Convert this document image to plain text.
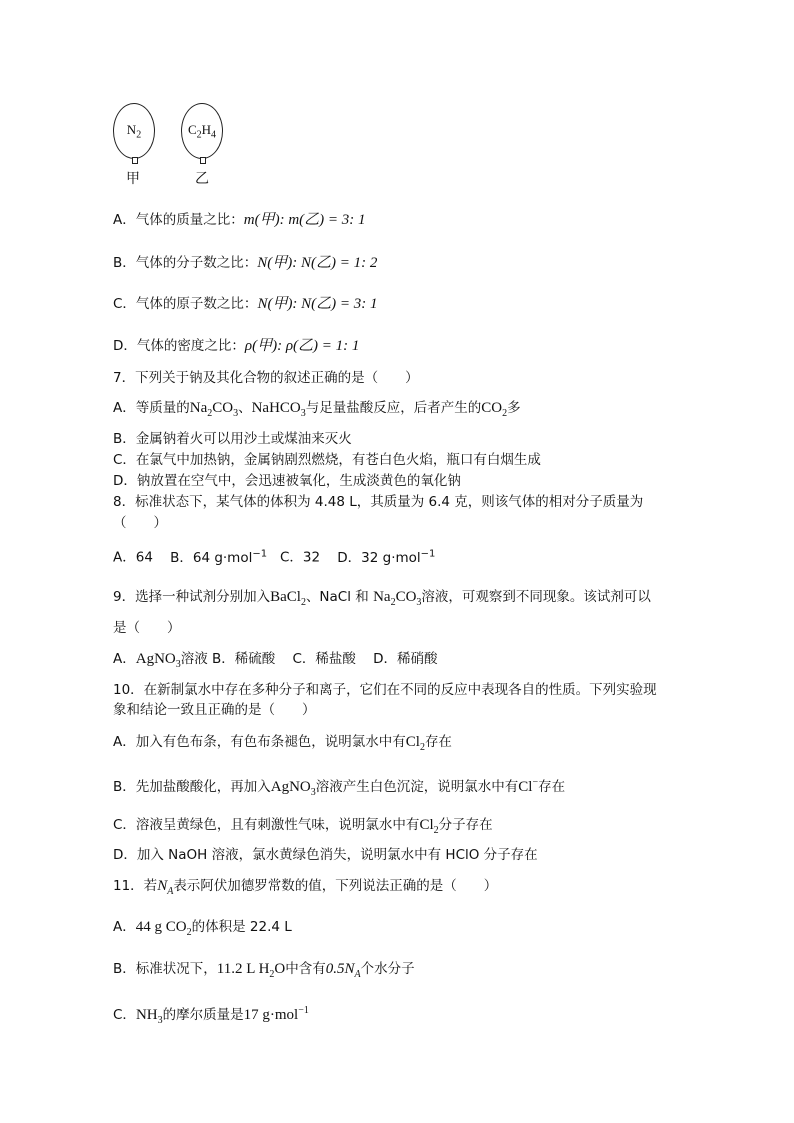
$N_2$
甲
$C_2H_4$
乙
A．气体的质量之比：m(甲): m(乙) = 3: 1
B．气体的分子数之比：N(甲): N(乙) = 1: 2
C．气体的原子数之比：N(甲): N(乙) = 3: 1
D．气体的密度之比：ρ(甲): ρ(乙) = 1: 1
7．下列关于钠及其化合物的叙述正确的是（　　）
A．等质量的$Na_2CO_3$、NaHCO$_3$与足量盐酸反应，后者产生的$CO_2$多
B．金属钠着火可以用沙土或煤油来灭火
C．在氯气中加热钠，金属钠剧烈燃烧，有苍白色火焰，瓶口有白烟生成
D．钠放置在空气中，会迅速被氧化，生成淡黄色的氧化钠
8．标准状态下，某气体的体积为 4.48 L，其质量为 6.4 克，则该气体的相对分子质量为
（　　）
A．64 B．64 g·mol$^{-1}$ C．32 D．32 g·mol$^{-1}$
9．选择一种试剂分别加入BaCl$_2$、NaCl 和 $Na_2CO_3$溶液，可观察到不同现象。该试剂可以
是（　　）
A．AgNO$_3$溶液 B．稀硫酸 C．稀盐酸 D．稀硝酸
10．在新制氯水中存在多种分子和离子，它们在不同的反应中表现各自的性质。下列实验现
象和结论一致且正确的是（　　）
A．加入有色布条，有色布条褪色，说明氯水中有$Cl_2$存在
B．先加盐酸酸化，再加入AgNO$_3$溶液产生白色沉淀，说明氯水中有Cl−存在
C．溶液呈黄绿色，且有刺激性气味，说明氯水中有$Cl_2$分子存在
D．加入 NaOH 溶液，氯水黄绿色消失，说明氯水中有 HClO 分子存在
11．若$N_A$表示阿伏加德罗常数的值，下列说法正确的是（　　）
A．44 g $CO_2$的体积是 22.4 L
B．标准状况下，11.2 L $H_2O$中含有$0.5N_A$个水分子
C．$NH_3$的摩尔质量是17 g·mol$^{-1}$
